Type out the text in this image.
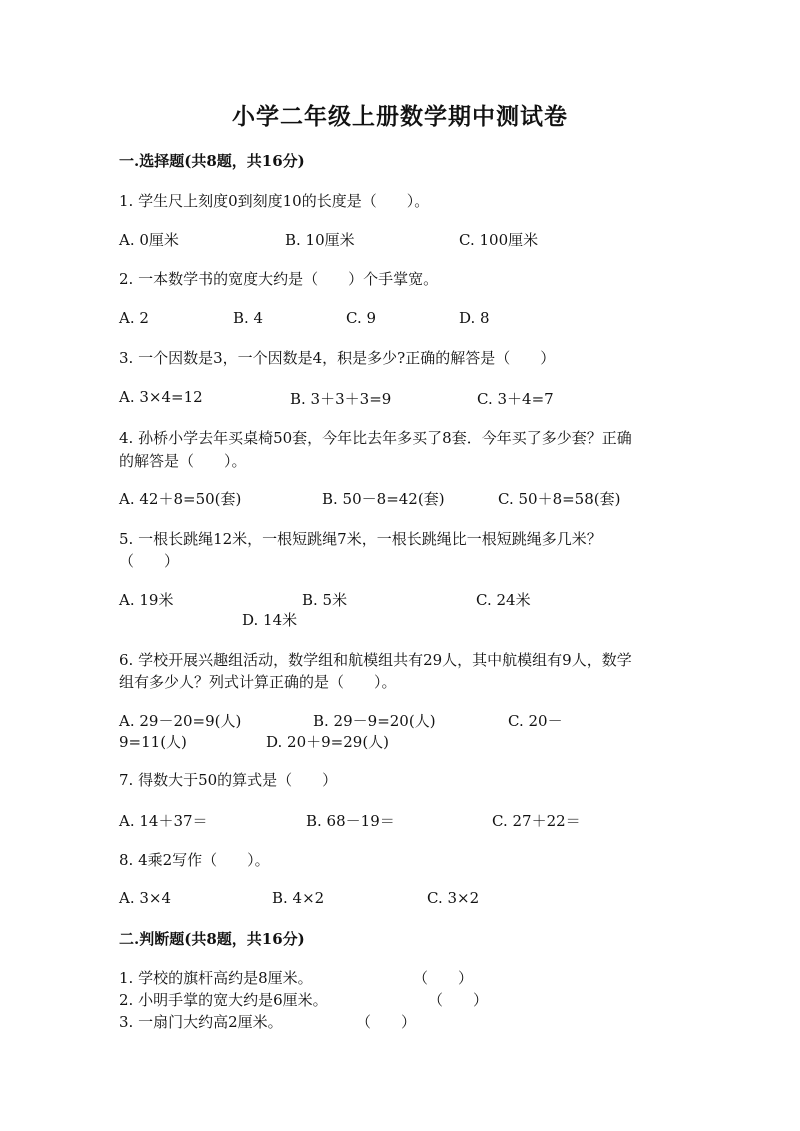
小学二年级上册数学期中测试卷
一.选择题(共8题，共16分)
1. 学生尺上刻度0到刻度10的长度是（　　）。
A. 0厘米	B. 10厘米	C. 100厘米
2. 一本数学书的宽度大约是（　　）个手掌宽。
A. 2	B. 4	C. 9	D. 8
3. 一个因数是3，一个因数是4，积是多少?正确的解答是（　　）
A. 3×4=12	B. 3＋3＋3=9	C. 3＋4=7
4. 孙桥小学去年买桌椅50套，今年比去年多买了8套．今年买了多少套？正确
的解答是（　　）。
A. 42＋8=50(套)	B. 50－8=42(套)	C. 50＋8=58(套)
5. 一根长跳绳12米，一根短跳绳7米，一根长跳绳比一根短跳绳多几米？
（　　）
A. 19米	B. 5米	C. 24米
D. 14米
6. 学校开展兴趣组活动，数学组和航模组共有29人，其中航模组有9人，数学
组有多少人？列式计算正确的是（　　）。
A. 29－20=9(人)	B. 29－9=20(人)	C. 20－
9=11(人)	D. 20＋9=29(人)
7. 得数大于50的算式是（　　）
A. 14＋37＝	B. 68－19＝	C. 27＋22＝
8. 4乘2写作（　　）。
A. 3×4	B. 4×2	C. 3×2
二.判断题(共8题，共16分)
1. 学校的旗杆高约是8厘米。	（　　）
2. 小明手掌的宽大约是6厘米。	（　　）
3. 一扇门大约高2厘米。	（　　）
